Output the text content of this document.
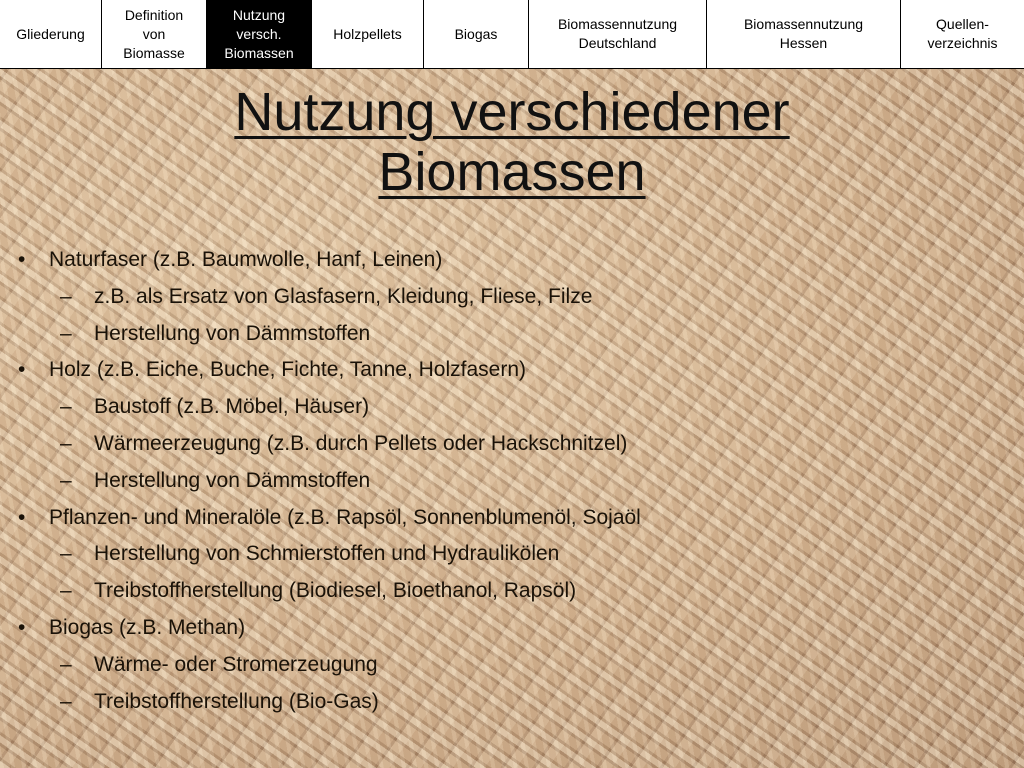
Gliederung
Definition
von
Biomasse
Nutzung
versch.
Biomassen
Holzpellets	Biogas
Biomassennutzung
Deutschland
Biomassennutzung
Hessen
Quellen-
verzeichnis
Nutzung verschiedener
Biomassen
•	Naturfaser (z.B. Baumwolle, Hanf, Leinen)
–	z.B. als Ersatz von Glasfasern, Kleidung, Fliese, Filze
–	Herstellung von Dämmstoffen
•	Holz (z.B. Eiche, Buche, Fichte, Tanne, Holzfasern)
–	Baustoff (z.B. Möbel, Häuser)
–	Wärmeerzeugung (z.B. durch Pellets oder Hackschnitzel)
–	Herstellung von Dämmstoffen
•	Pflanzen- und Mineralöle (z.B. Rapsöl, Sonnenblumenöl, Sojaöl
–	Herstellung von Schmierstoffen und Hydraulikölen
–	Treibstoffherstellung (Biodiesel, Bioethanol, Rapsöl)
•	Biogas (z.B. Methan)
–	Wärme- oder Stromerzeugung
–	Treibstoffherstellung (Bio-Gas)
